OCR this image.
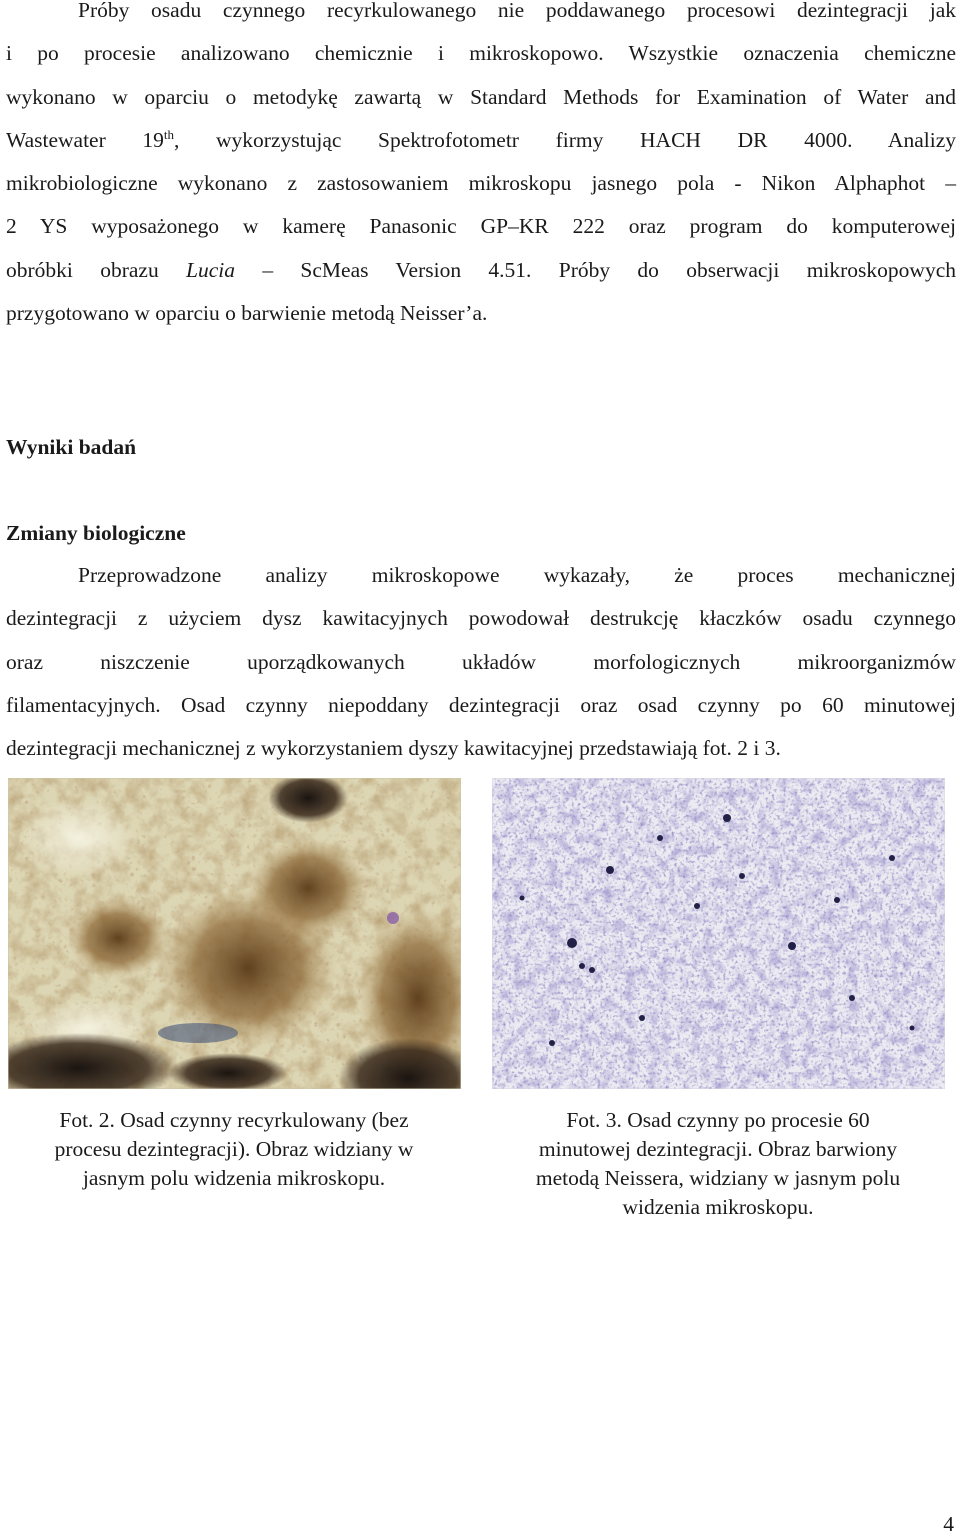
Próby osadu czynnego recyrkulowanego nie poddawanego procesowi dezintegracji jak
i po procesie analizowano chemicznie i mikroskopowo. Wszystkie oznaczenia chemiczne
wykonano w oparciu o metodykę zawartą w Standard Methods for Examination of Water and
Wastewater 19th, wykorzystując Spektrofotometr firmy HACH DR 4000. Analizy
mikrobiologiczne wykonano z zastosowaniem mikroskopu jasnego pola - Nikon Alphaphot –
2 YS wyposażonego w kamerę Panasonic GP–KR 222 oraz program do komputerowej
obróbki obrazu Lucia – ScMeas Version 4.51. Próby do obserwacji mikroskopowych
przygotowano w oparciu o barwienie metodą Neisser’a.
Wyniki badań
Zmiany biologiczne
Przeprowadzone analizy mikroskopowe wykazały, że proces mechanicznej
dezintegracji z użyciem dysz kawitacyjnych powodował destrukcję kłaczków osadu czynnego
oraz niszczenie uporządkowanych układów morfologicznych mikroorganizmów
filamentacyjnych. Osad czynny niepoddany dezintegracji oraz osad czynny po 60 minutowej
dezintegracji mechanicznej z wykorzystaniem dyszy kawitacyjnej przedstawiają fot. 2 i 3.
Fot. 2. Osad czynny recyrkulowany (bez
procesu dezintegracji). Obraz widziany w
jasnym polu widzenia mikroskopu.
Fot. 3. Osad czynny po procesie 60
minutowej dezintegracji. Obraz barwiony
metodą Neissera, widziany w jasnym polu
widzenia mikroskopu.
4
